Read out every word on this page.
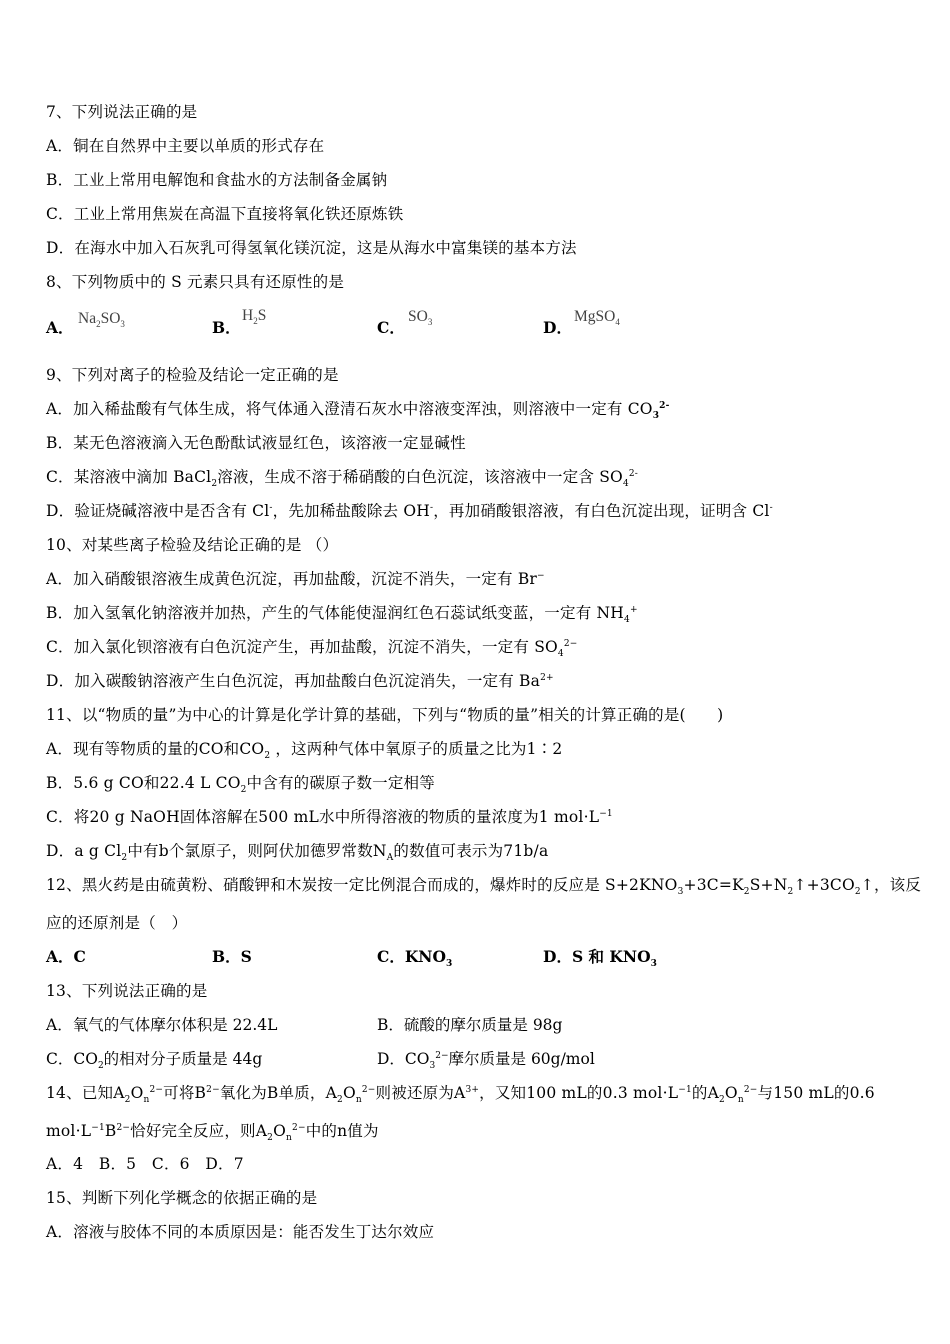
7、下列说法正确的是
A．铜在自然界中主要以单质的形式存在
B．工业上常用电解饱和食盐水的方法制备金属钠
C．工业上常用焦炭在高温下直接将氧化铁还原炼铁
D．在海水中加入石灰乳可得氢氧化镁沉淀，这是从海水中富集镁的基本方法
8、下列物质中的 S 元素只具有还原性的是
A． $Na_2SO_3$	B．
$H_2S$
C．
$SO_3$	D．
MgSO$_4$
9、下列对离子的检验及结论一定正确的是
A．加入稀盐酸有气体生成，将气体通入澄清石灰水中溶液变浑浊，则溶液中一定有 $CO_3^{2-}$
B．某无色溶液滴入无色酚酞试液显红色，该溶液一定显碱性
C．某溶液中滴加 BaCl$_2$溶液，生成不溶于稀硝酸的白色沉淀，该溶液中一定含 $SO_4^{2-}$
D．验证烧碱溶液中是否含有 Cl-，先加稀盐酸除去 OH-，再加硝酸银溶液，有白色沉淀出现，证明含 Cl-
10、对某些离子检验及结论正确的是 （）
A．加入硝酸银溶液生成黄色沉淀，再加盐酸，沉淀不消失，一定有 Br−
B．加入氢氧化钠溶液并加热，产生的气体能使湿润红色石蕊试纸变蓝，一定有 $NH_4^+$
C．加入氯化钡溶液有白色沉淀产生，再加盐酸，沉淀不消失，一定有 $SO_4^{2-}$
D．加入碳酸钠溶液产生白色沉淀，再加盐酸白色沉淀消失，一定有 $Ba^{2+}$
11、以“物质的量”为中心的计算是化学计算的基础，下列与“物质的量”相关的计算正确的是(　　)
A．现有等物质的量的CO和$CO_2$ ，这两种气体中氧原子的质量之比为1∶2
B．5.6 g CO和22.4 L $CO_2$中含有的碳原子数一定相等
C．将20 g NaOH固体溶解在500 mL水中所得溶液的物质的量浓度为1 $mol\cdot L^{-1}$
D．a g $Cl_2$中有b个氯原子，则阿伏加德罗常数$N_A$的数值可表示为71b/a
12、黑火药是由硫黄粉、硝酸钾和木炭按一定比例混合而成的，爆炸时的反应是 $S+2KNO_3+3C=K_2S+N_2↑+3CO_2↑$，该反
应的还原剂是（　）
A．C	B．S	C．$KNO_3$	D．S 和 $KNO_3$
13、下列说法正确的是
A．氧气的气体摩尔体积是 22.4L	B．硫酸的摩尔质量是 98g
C．$CO_2$的相对分子质量是 44g	D．$CO_3^{2-}$摩尔质量是 60g/mol
14、已知$A_2O_n^{2-}$可将$B^{2-}$氧化为B单质，$A_2O_n^{2-}$则被还原为$A^{3+}$，又知100 mL的0.3 $mol\cdot L^{-1}$的$A_2O_n^{2-}$与150 mL的0.6
$mol\cdot L^{-1}B^{2-}$恰好完全反应，则$A_2O_n^{2-}$中的n值为
A．4　B．5　C．6　D．7
15、判断下列化学概念的依据正确的是
A．溶液与胶体不同的本质原因是：能否发生丁达尔效应
